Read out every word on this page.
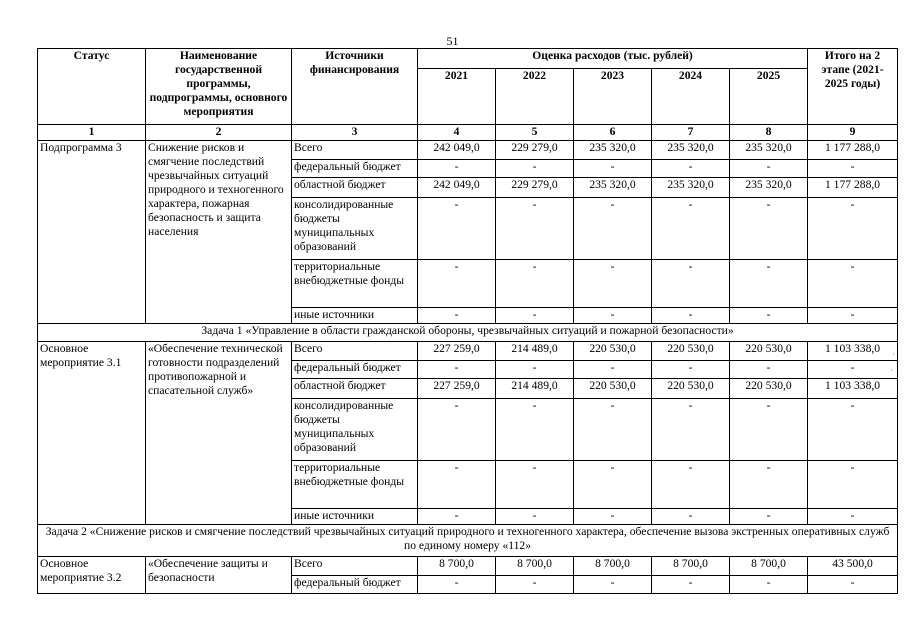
51
Статус	Наименование государственной программы, подпрограммы, основного мероприятия	Источники финансирования	Оценка расходов (тыс. рублей)					Итого на 2 этапе (2021-2025 годы)
			2021	2022	2023	2024	2025	
1	2	3	4	5	6	7	8	9
Подпрограмма 3	Снижение рисков и смягчение последствий чрезвычайных ситуаций природного и техногенного характера, пожарная безопасность и защита населения	Всего	242 049,0	229 279,0	235 320,0	235 320,0	235 320,0	1 177 288,0
		федеральный бюджет	-	-	-	-	-	-
		областной бюджет	242 049,0	229 279,0	235 320,0	235 320,0	235 320,0	1 177 288,0
		консолидированные бюджеты муниципальных образований	-	-	-	-	-	-
		территориальные внебюджетные фонды	-	-	-	-	-	-
		иные источники	-	-	-	-	-	-
Задача 1 «Управление в области гражданской обороны, чрезвычайных ситуаций и пожарной безопасности»								
Основное мероприятие 3.1	«Обеспечение технической готовности подразделений противопожарной и спасательной служб»	Всего	227 259,0	214 489,0	220 530,0	220 530,0	220 530,0	1 103 338,0
		федеральный бюджет	-	-	-	-	-	-
		областной бюджет	227 259,0	214 489,0	220 530,0	220 530,0	220 530,0	1 103 338,0
		консолидированные бюджеты муниципальных образований	-	-	-	-	-	-
		территориальные внебюджетные фонды	-	-	-	-	-	-
		иные источники	-	-	-	-	-	-
Задача 2 «Снижение рисков и смягчение последствий чрезвычайных ситуаций природного и техногенного характера, обеспечение вызова экстренных оперативных служб по единому номеру «112»								
Основное мероприятие 3.2	«Обеспечение защиты и безопасности	Всего	8 700,0	8 700,0	8 700,0	8 700,0	8 700,0	43 500,0
		федеральный бюджет	-	-	-	-	-	-
·
·
